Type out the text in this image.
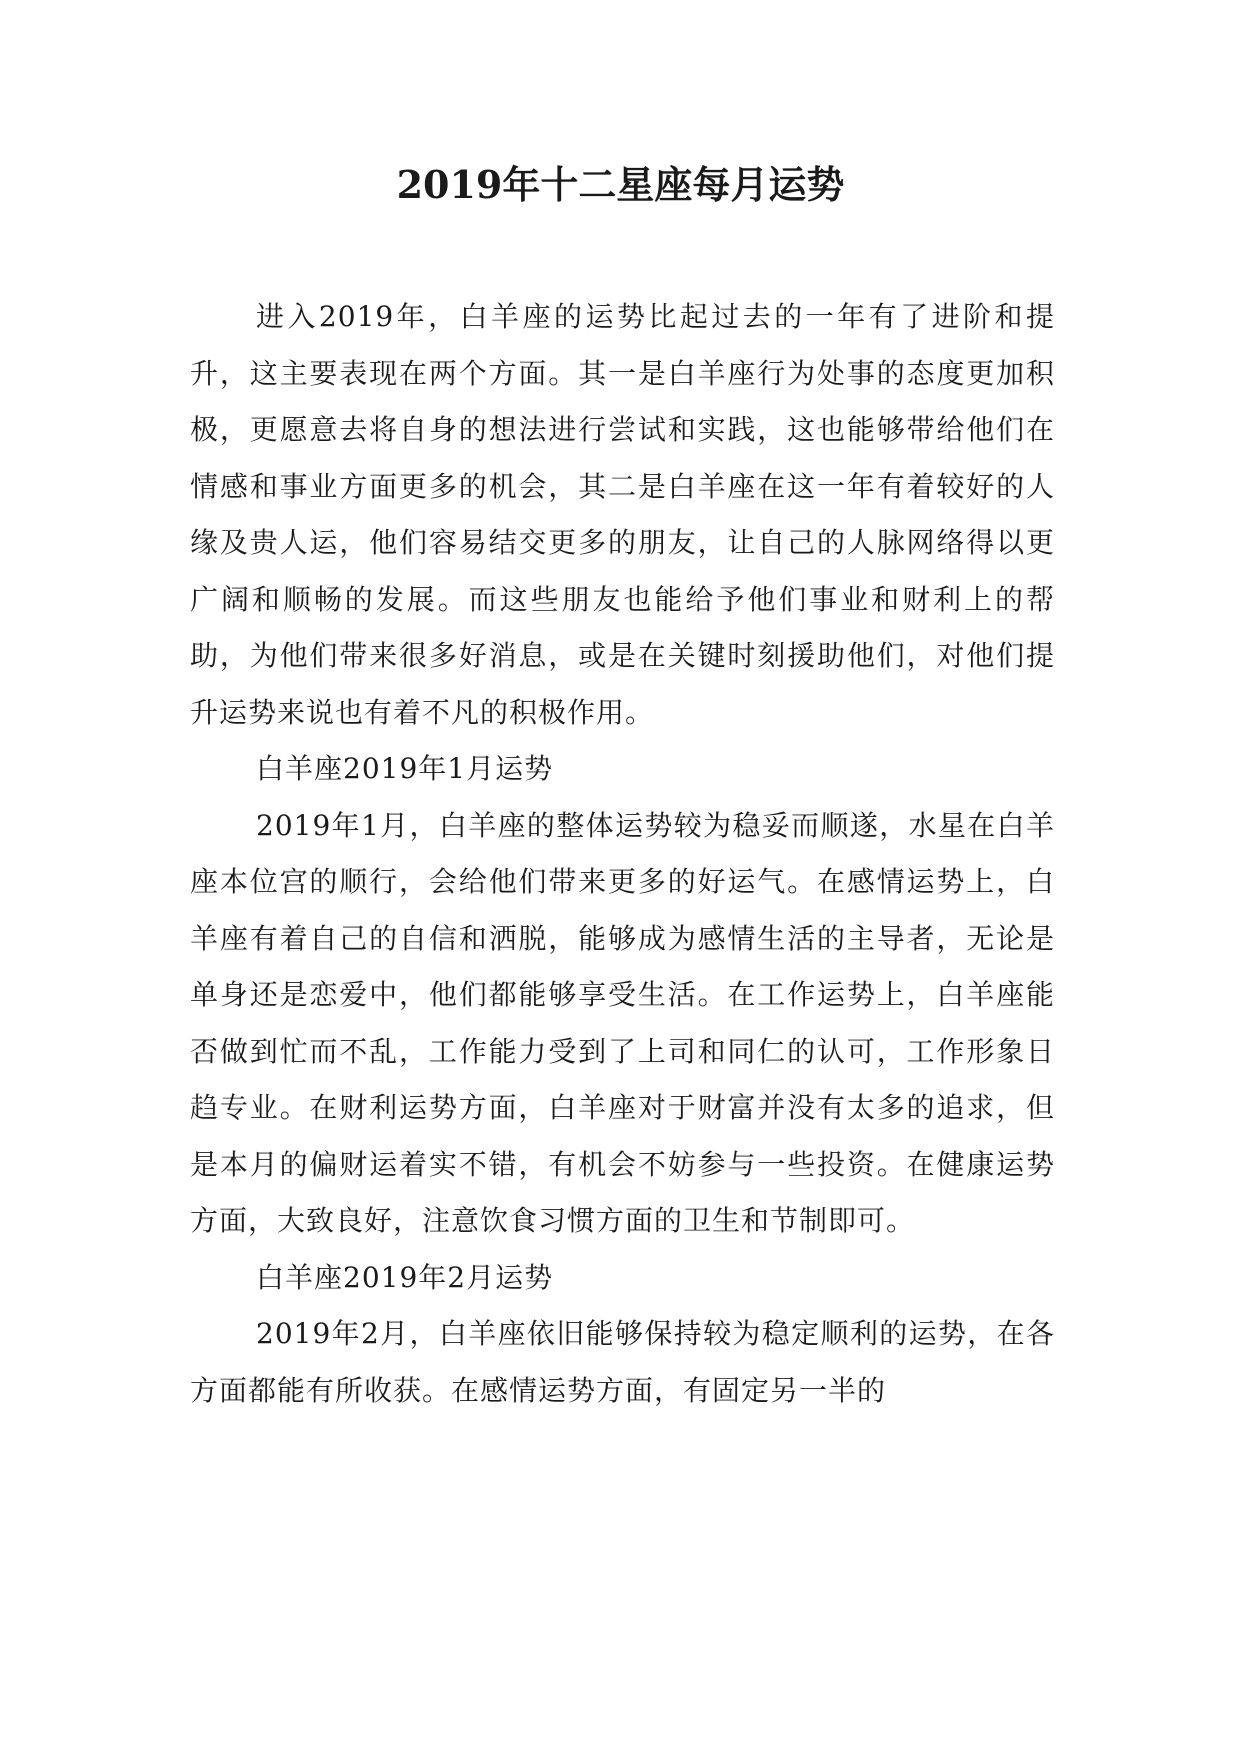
2019年十二星座每月运势

进入2019年，白羊座的运势比起过去的一年有了进阶和提升，这主要表现在两个方面。其一是白羊座行为处事的态度更加积极，更愿意去将自身的想法进行尝试和实践，这也能够带给他们在情感和事业方面更多的机会，其二是白羊座在这一年有着较好的人缘及贵人运，他们容易结交更多的朋友，让自己的人脉网络得以更广阔和顺畅的发展。而这些朋友也能给予他们事业和财利上的帮助，为他们带来很多好消息，或是在关键时刻援助他们，对他们提升运势来说也有着不凡的积极作用。

白羊座2019年1月运势

2019年1月，白羊座的整体运势较为稳妥而顺遂，水星在白羊座本位宫的顺行，会给他们带来更多的好运气。在感情运势上，白羊座有着自己的自信和洒脱，能够成为感情生活的主导者，无论是单身还是恋爱中，他们都能够享受生活。在工作运势上，白羊座能否做到忙而不乱，工作能力受到了上司和同仁的认可，工作形象日趋专业。在财利运势方面，白羊座对于财富并没有太多的追求，但是本月的偏财运着实不错，有机会不妨参与一些投资。在健康运势方面，大致良好，注意饮食习惯方面的卫生和节制即可。

白羊座2019年2月运势

2019年2月，白羊座依旧能够保持较为稳定顺利的运势，在各方面都能有所收获。在感情运势方面，有固定另一半的
